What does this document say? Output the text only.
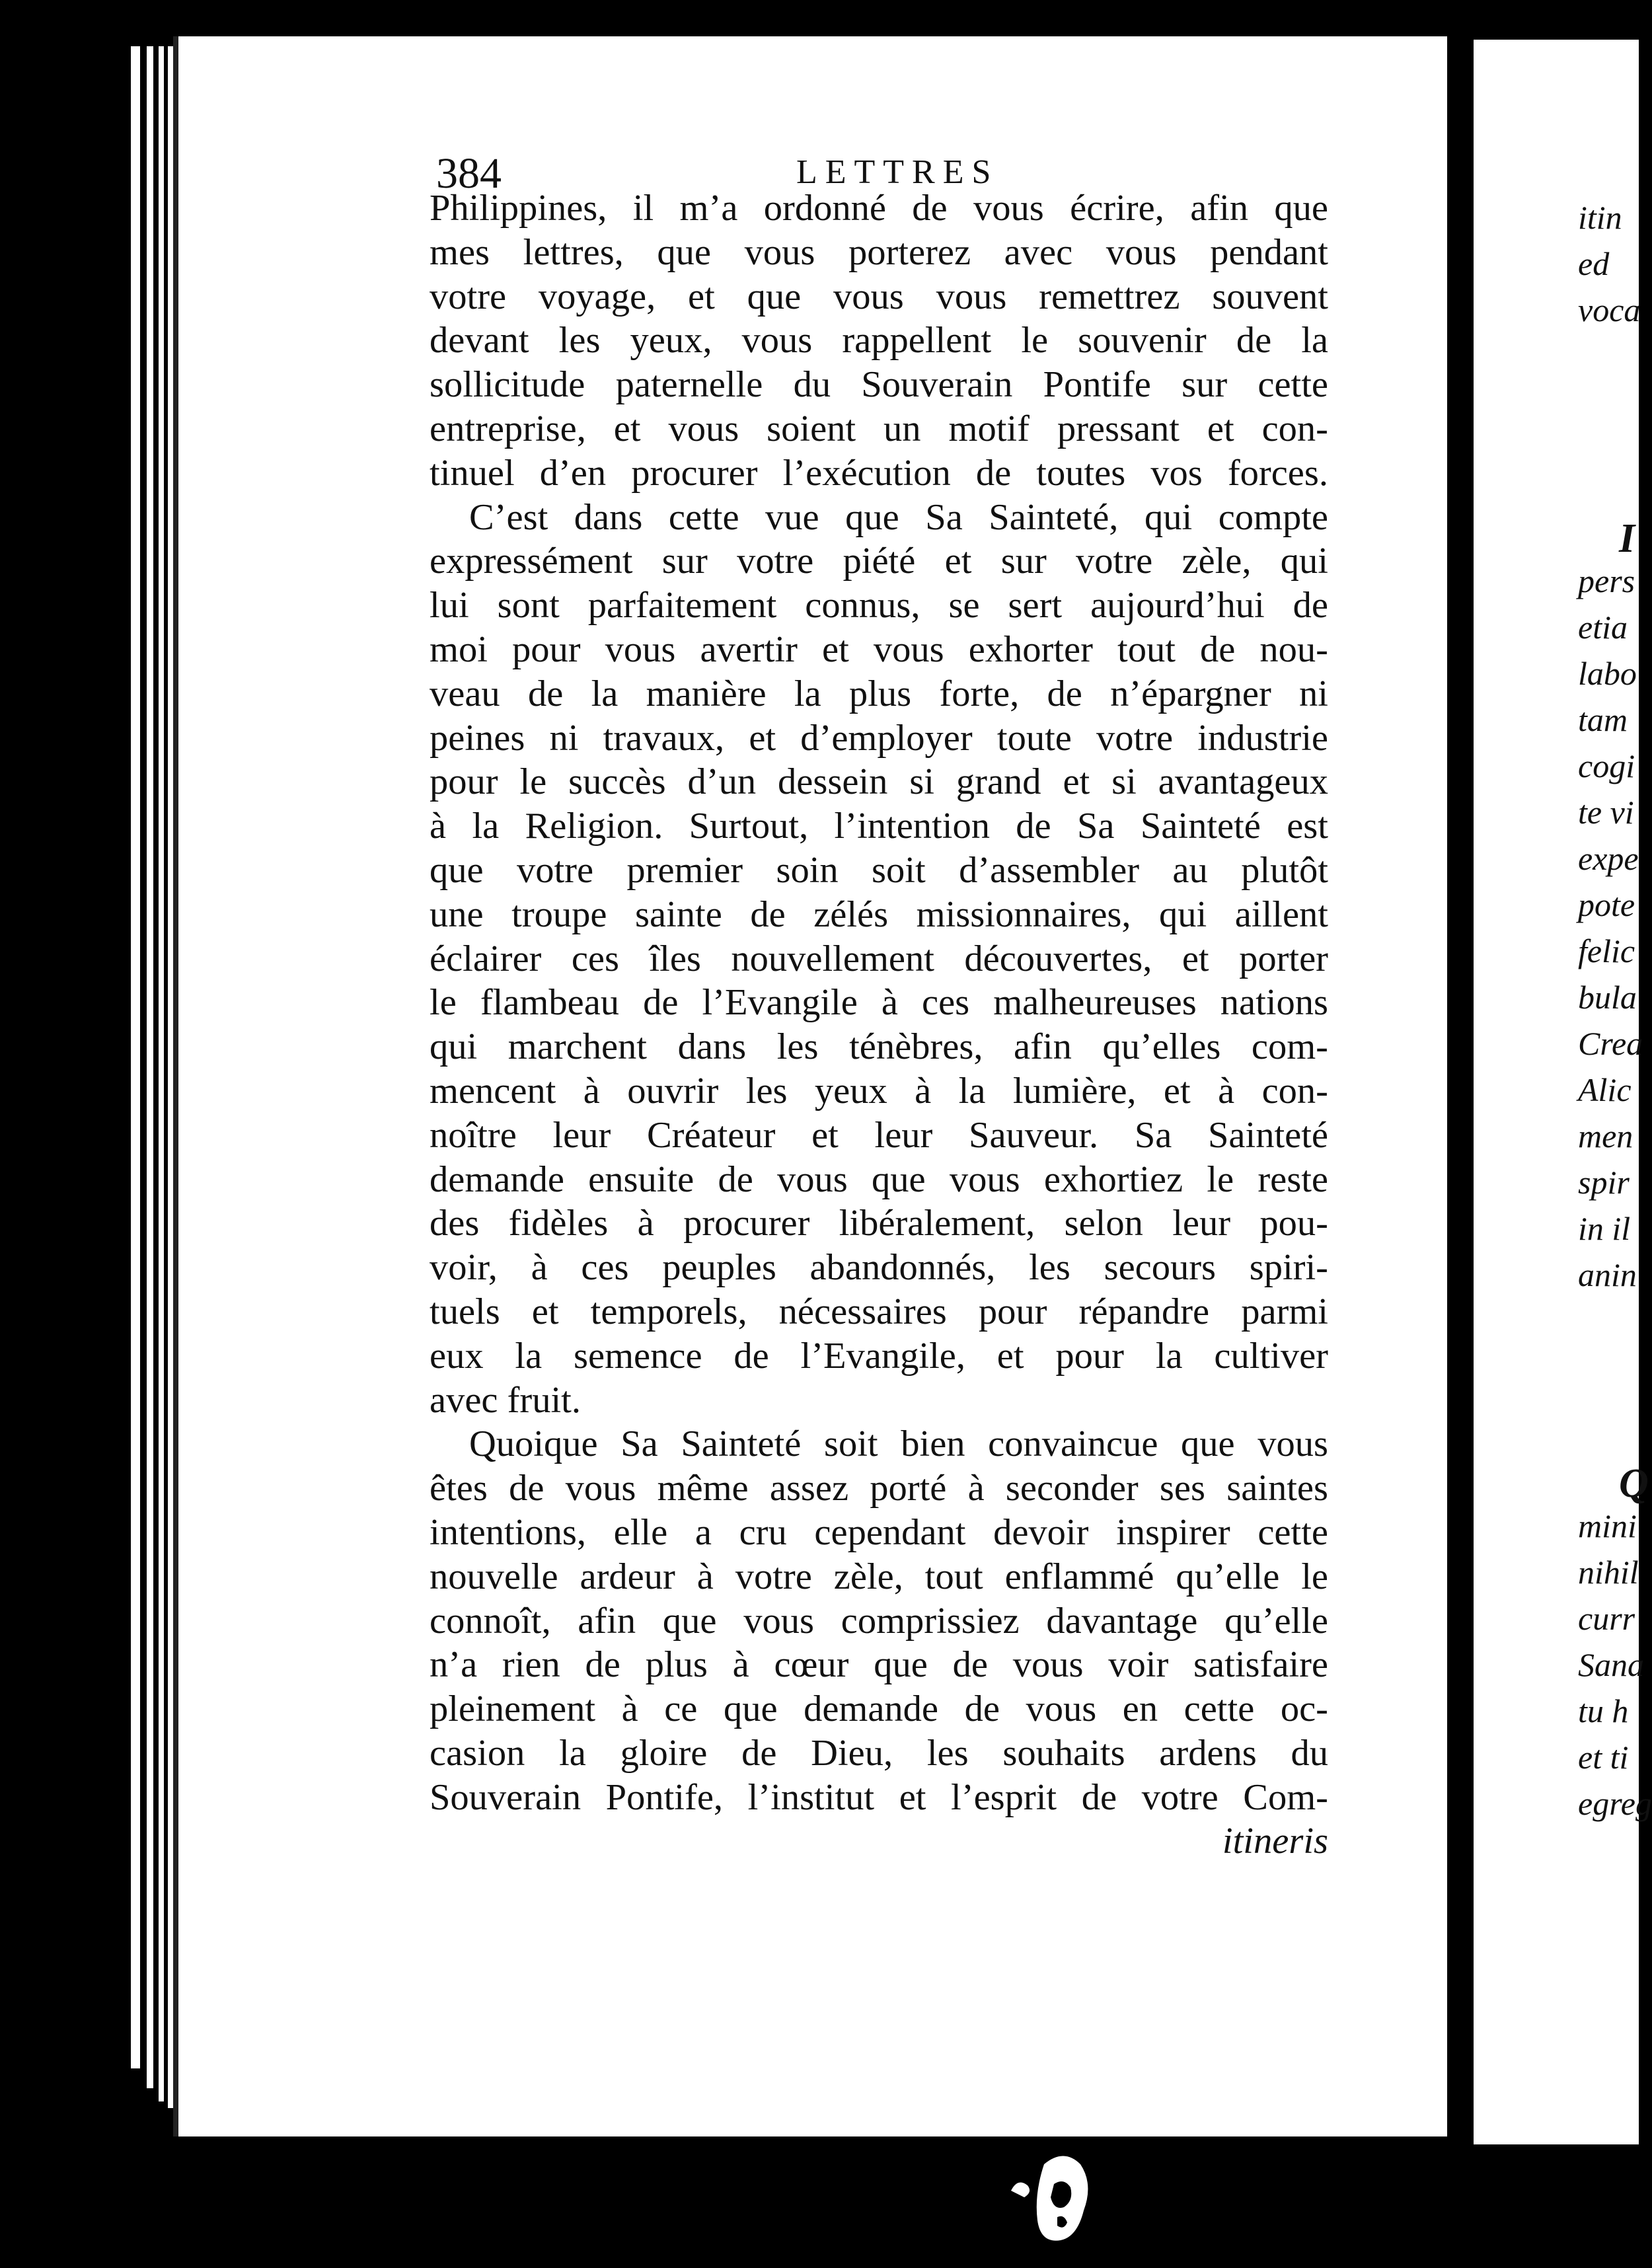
384	LETTRES
Philippines, il m’a ordonné de vous écrire, afin que
mes lettres, que vous porterez avec vous pendant
votre voyage, et que vous vous remettrez souvent
devant les yeux, vous rappellent le souvenir de la
sollicitude paternelle du Souverain Pontife sur cette
entreprise, et vous soient un motif pressant et con-
tinuel d’en procurer l’exécution de toutes vos forces.
C’est dans cette vue que Sa Sainteté, qui compte
expressément sur votre piété et sur votre zèle, qui
lui sont parfaitement connus, se sert aujourd’hui de
moi pour vous avertir et vous exhorter tout de nou-
veau de la manière la plus forte, de n’épargner ni
peines ni travaux, et d’employer toute votre industrie
pour le succès d’un dessein si grand et si avantageux
à la Religion. Surtout, l’intention de Sa Sainteté est
que votre premier soin soit d’assembler au plutôt
une troupe sainte de zélés missionnaires, qui aillent
éclairer ces îles nouvellement découvertes, et porter
le flambeau de l’Evangile à ces malheureuses nations
qui marchent dans les ténèbres, afin qu’elles com-
mencent à ouvrir les yeux à la lumière, et à con-
noître leur Créateur et leur Sauveur. Sa Sainteté
demande ensuite de vous que vous exhortiez le reste
des fidèles à procurer libéralement, selon leur pou-
voir, à ces peuples abandonnés, les secours spiri-
tuels et temporels, nécessaires pour répandre parmi
eux la semence de l’Evangile, et pour la cultiver
avec fruit.
Quoique Sa Sainteté soit bien convaincue que vous
êtes de vous même assez porté à seconder ses saintes
intentions, elle a cru cependant devoir inspirer cette
nouvelle ardeur à votre zèle, tout enflammé qu’elle le
connoît, afin que vous comprissiez davantage qu’elle
n’a rien de plus à cœur que de vous voir satisfaire
pleinement à ce que demande de vous en cette oc-
casion la gloire de Dieu, les souhaits ardens du
Souverain Pontife, l’institut et l’esprit de votre Com-
itineris
itin
ed
voca
I
pers
etia
labo
tam
cogi
te vi
expe
pote
felic
bula
Crea
Alic
men
spir
in il
anin
Q
mini
nihil
curr
Sana
tu h
et ti
egreg
